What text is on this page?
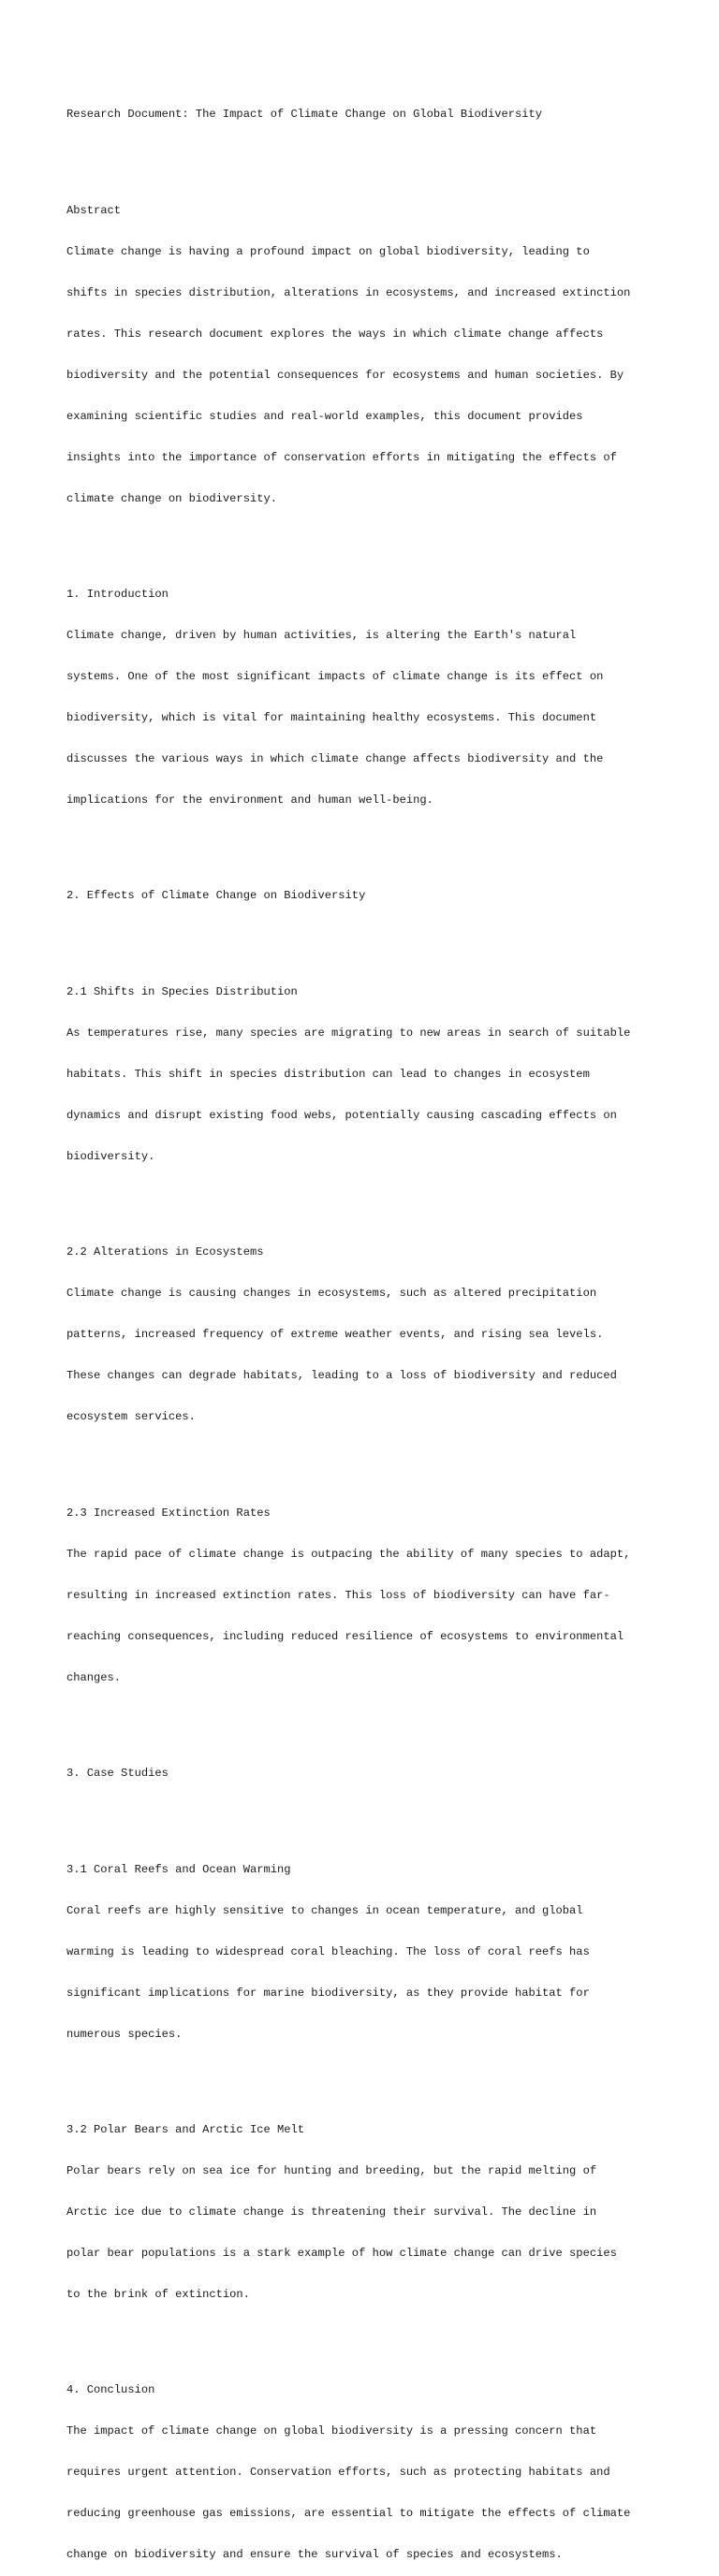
Research Document: The Impact of Climate Change on Global Biodiversity

Abstract

Climate change is having a profound impact on global biodiversity, leading to

shifts in species distribution, alterations in ecosystems, and increased extinction

rates. This research document explores the ways in which climate change affects

biodiversity and the potential consequences for ecosystems and human societies. By

examining scientific studies and real-world examples, this document provides

insights into the importance of conservation efforts in mitigating the effects of

climate change on biodiversity.

1. Introduction

Climate change, driven by human activities, is altering the Earth's natural

systems. One of the most significant impacts of climate change is its effect on

biodiversity, which is vital for maintaining healthy ecosystems. This document

discusses the various ways in which climate change affects biodiversity and the

implications for the environment and human well-being.

2. Effects of Climate Change on Biodiversity

2.1 Shifts in Species Distribution

As temperatures rise, many species are migrating to new areas in search of suitable

habitats. This shift in species distribution can lead to changes in ecosystem

dynamics and disrupt existing food webs, potentially causing cascading effects on

biodiversity.

2.2 Alterations in Ecosystems

Climate change is causing changes in ecosystems, such as altered precipitation

patterns, increased frequency of extreme weather events, and rising sea levels.

These changes can degrade habitats, leading to a loss of biodiversity and reduced

ecosystem services.

2.3 Increased Extinction Rates

The rapid pace of climate change is outpacing the ability of many species to adapt,

resulting in increased extinction rates. This loss of biodiversity can have far-

reaching consequences, including reduced resilience of ecosystems to environmental

changes.

3. Case Studies

3.1 Coral Reefs and Ocean Warming

Coral reefs are highly sensitive to changes in ocean temperature, and global

warming is leading to widespread coral bleaching. The loss of coral reefs has

significant implications for marine biodiversity, as they provide habitat for

numerous species.

3.2 Polar Bears and Arctic Ice Melt

Polar bears rely on sea ice for hunting and breeding, but the rapid melting of

Arctic ice due to climate change is threatening their survival. The decline in

polar bear populations is a stark example of how climate change can drive species

to the brink of extinction.

4. Conclusion

The impact of climate change on global biodiversity is a pressing concern that

requires urgent attention. Conservation efforts, such as protecting habitats and

reducing greenhouse gas emissions, are essential to mitigate the effects of climate

change on biodiversity and ensure the survival of species and ecosystems.
